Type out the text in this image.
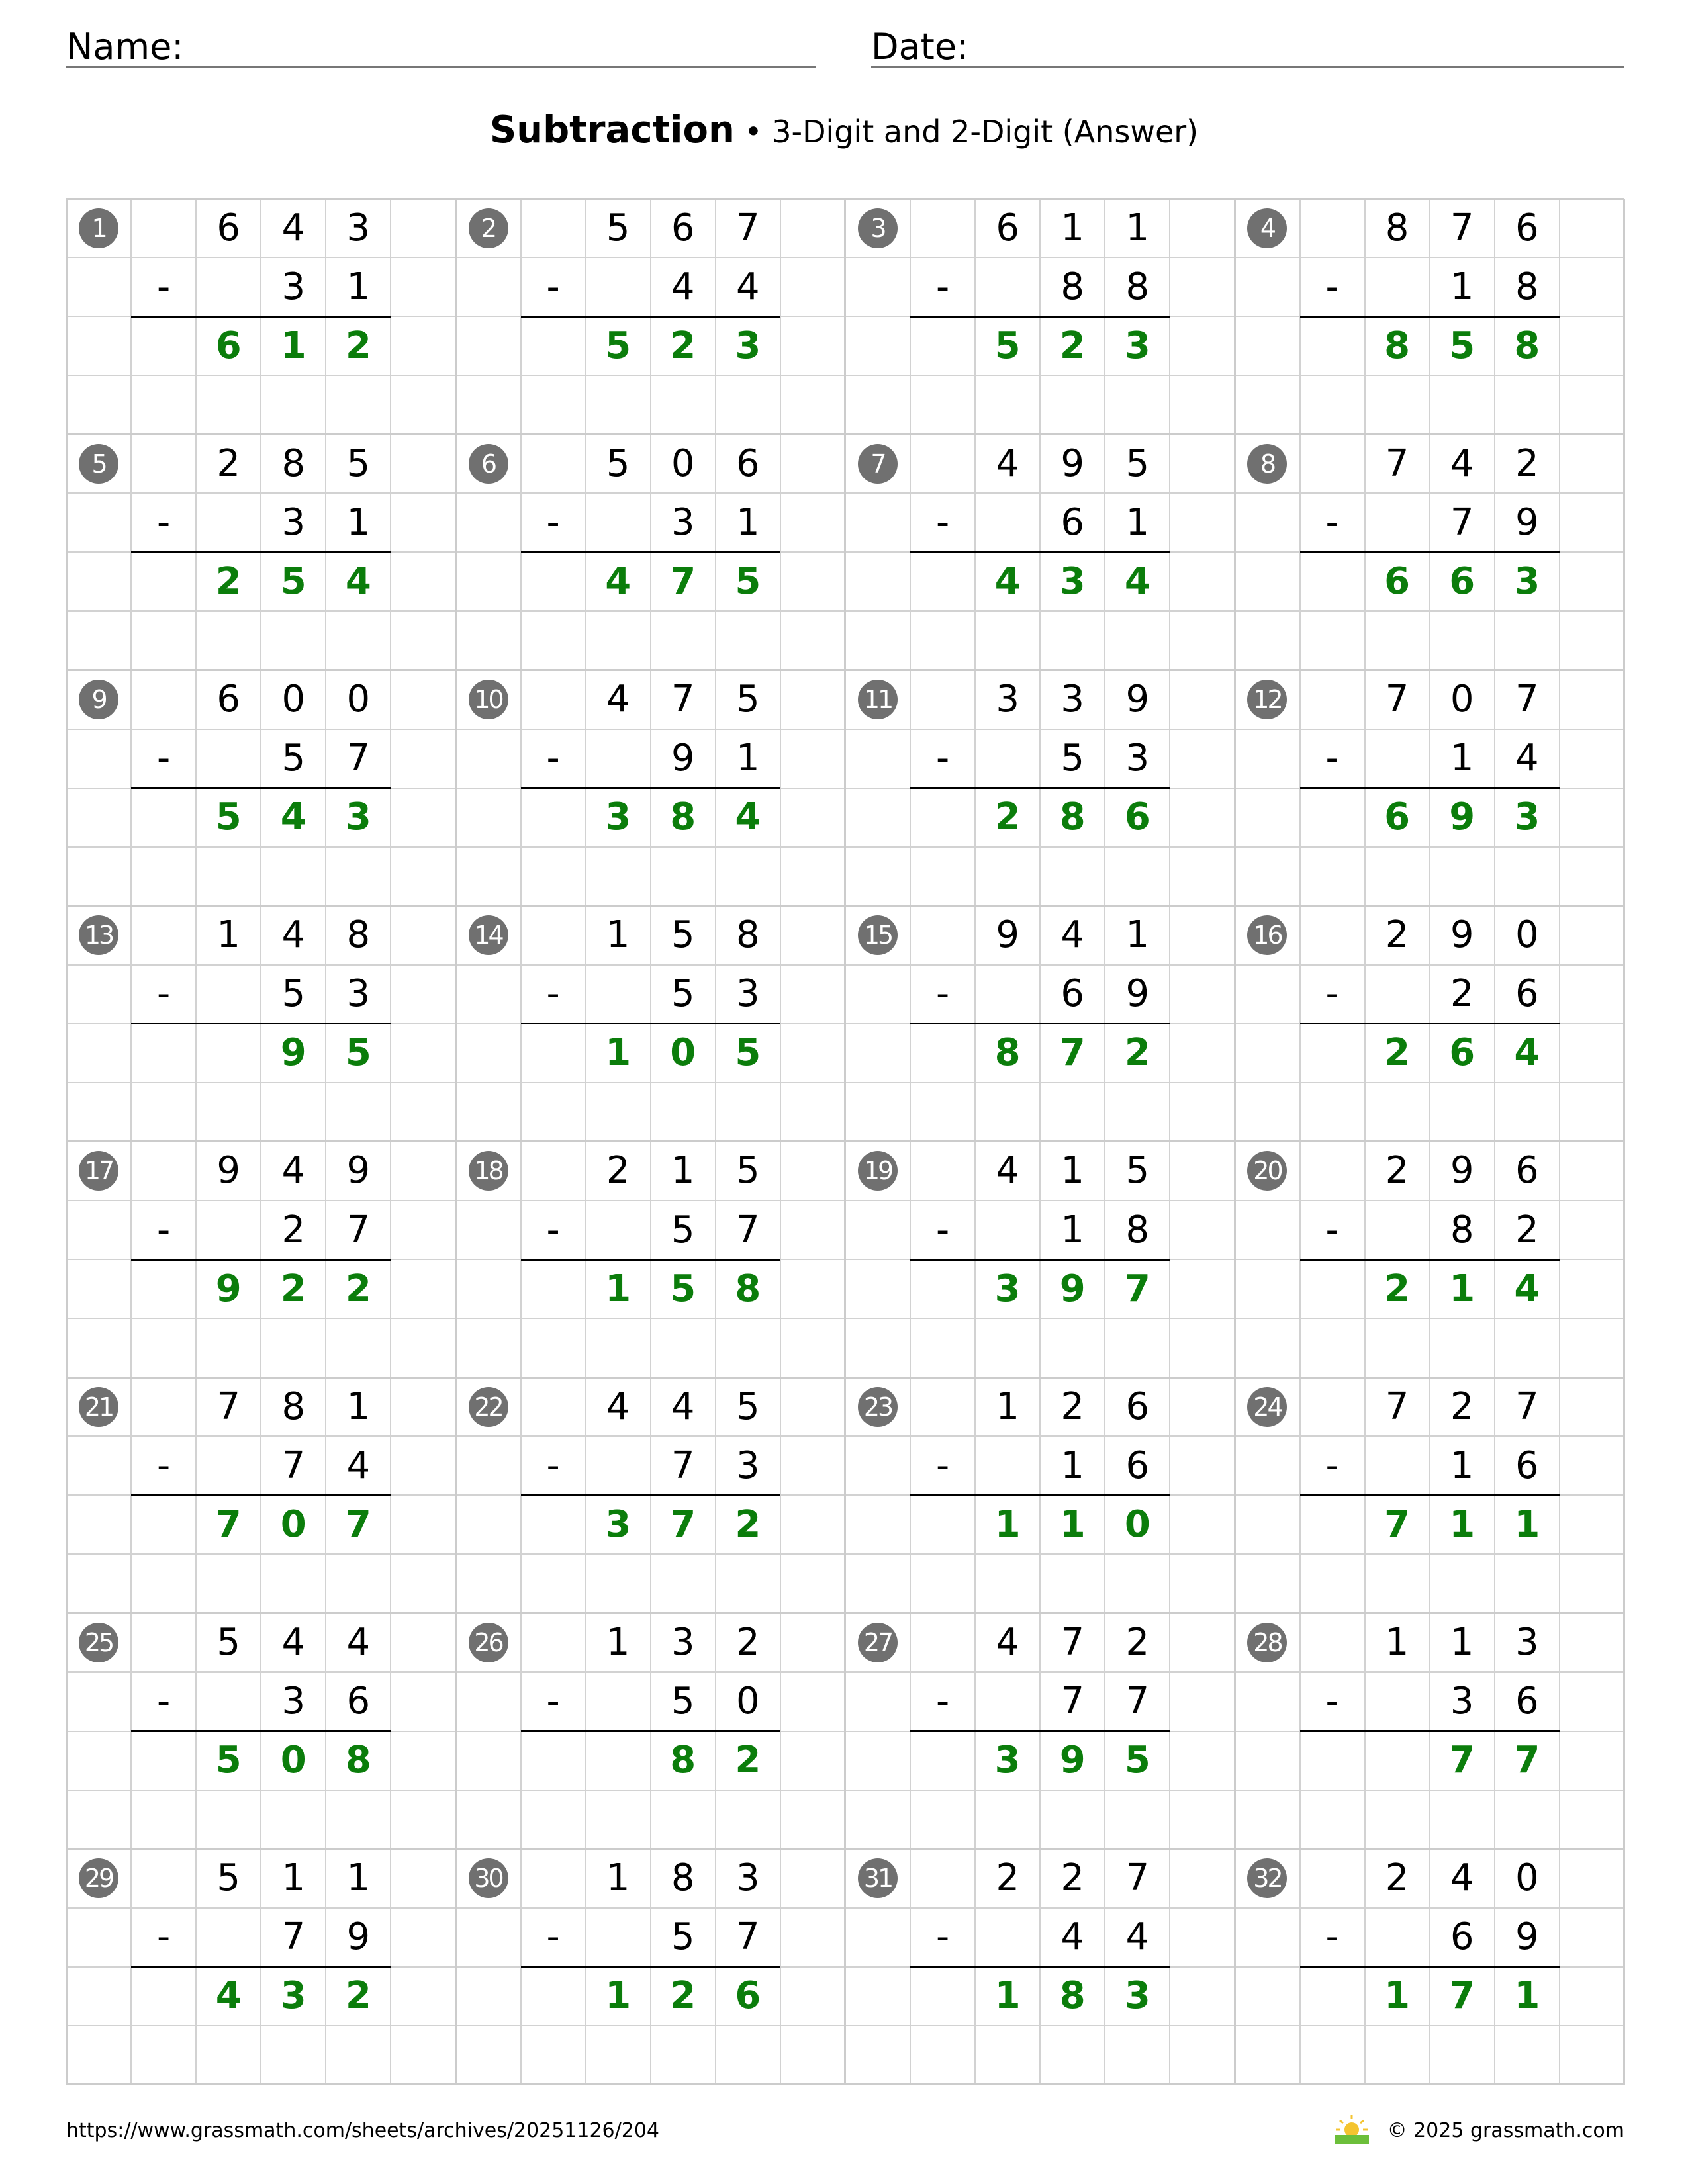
Name:	Date:
Subtraction • 3-Digit and 2-Digit (Answer)
1	6	4	3
-	3	1
6	1	2
2	5	6	7
-	4	4
5	2	3
3	6	1	1
-	8	8
5	2	3
4	8	7	6
-	1	8
8	5	8
5	2	8	5
-	3	1
2	5	4
6	5	0	6
-	3	1
4	7	5
7	4	9	5
-	6	1
4	3	4
8	7	4	2
-	7	9
6	6	3
9	6	0	0
-	5	7
5	4	3
10	4	7	5
-	9	1
3	8	4
11	3	3	9
-	5	3
2	8	6
12	7	0	7
-	1	4
6	9	3
13	1	4	8
-	5	3
9	5
14	1	5	8
-	5	3
1	0	5
15	9	4	1
-	6	9
8	7	2
16	2	9	0
-	2	6
2	6	4
17	9	4	9
-	2	7
9	2	2
18	2	1	5
-	5	7
1	5	8
19	4	1	5
-	1	8
3	9	7
20	2	9	6
-	8	2
2	1	4
21	7	8	1
-	7	4
7	0	7
22	4	4	5
-	7	3
3	7	2
23	1	2	6
-	1	6
1	1	0
24	7	2	7
-	1	6
7	1	1
25	5	4	4
-	3	6
5	0	8
26	1	3	2
-	5	0
8	2
27	4	7	2
-	7	7
3	9	5
28	1	1	3
-	3	6
7	7
29	5	1	1
-	7	9
4	3	2
30	1	8	3
-	5	7
1	2	6
31	2	2	7
-	4	4
1	8	3
32	2	4	0
-	6	9
1	7	1
https://www.grassmath.com/sheets/archives/20251126/204	© 2025 grassmath.com
